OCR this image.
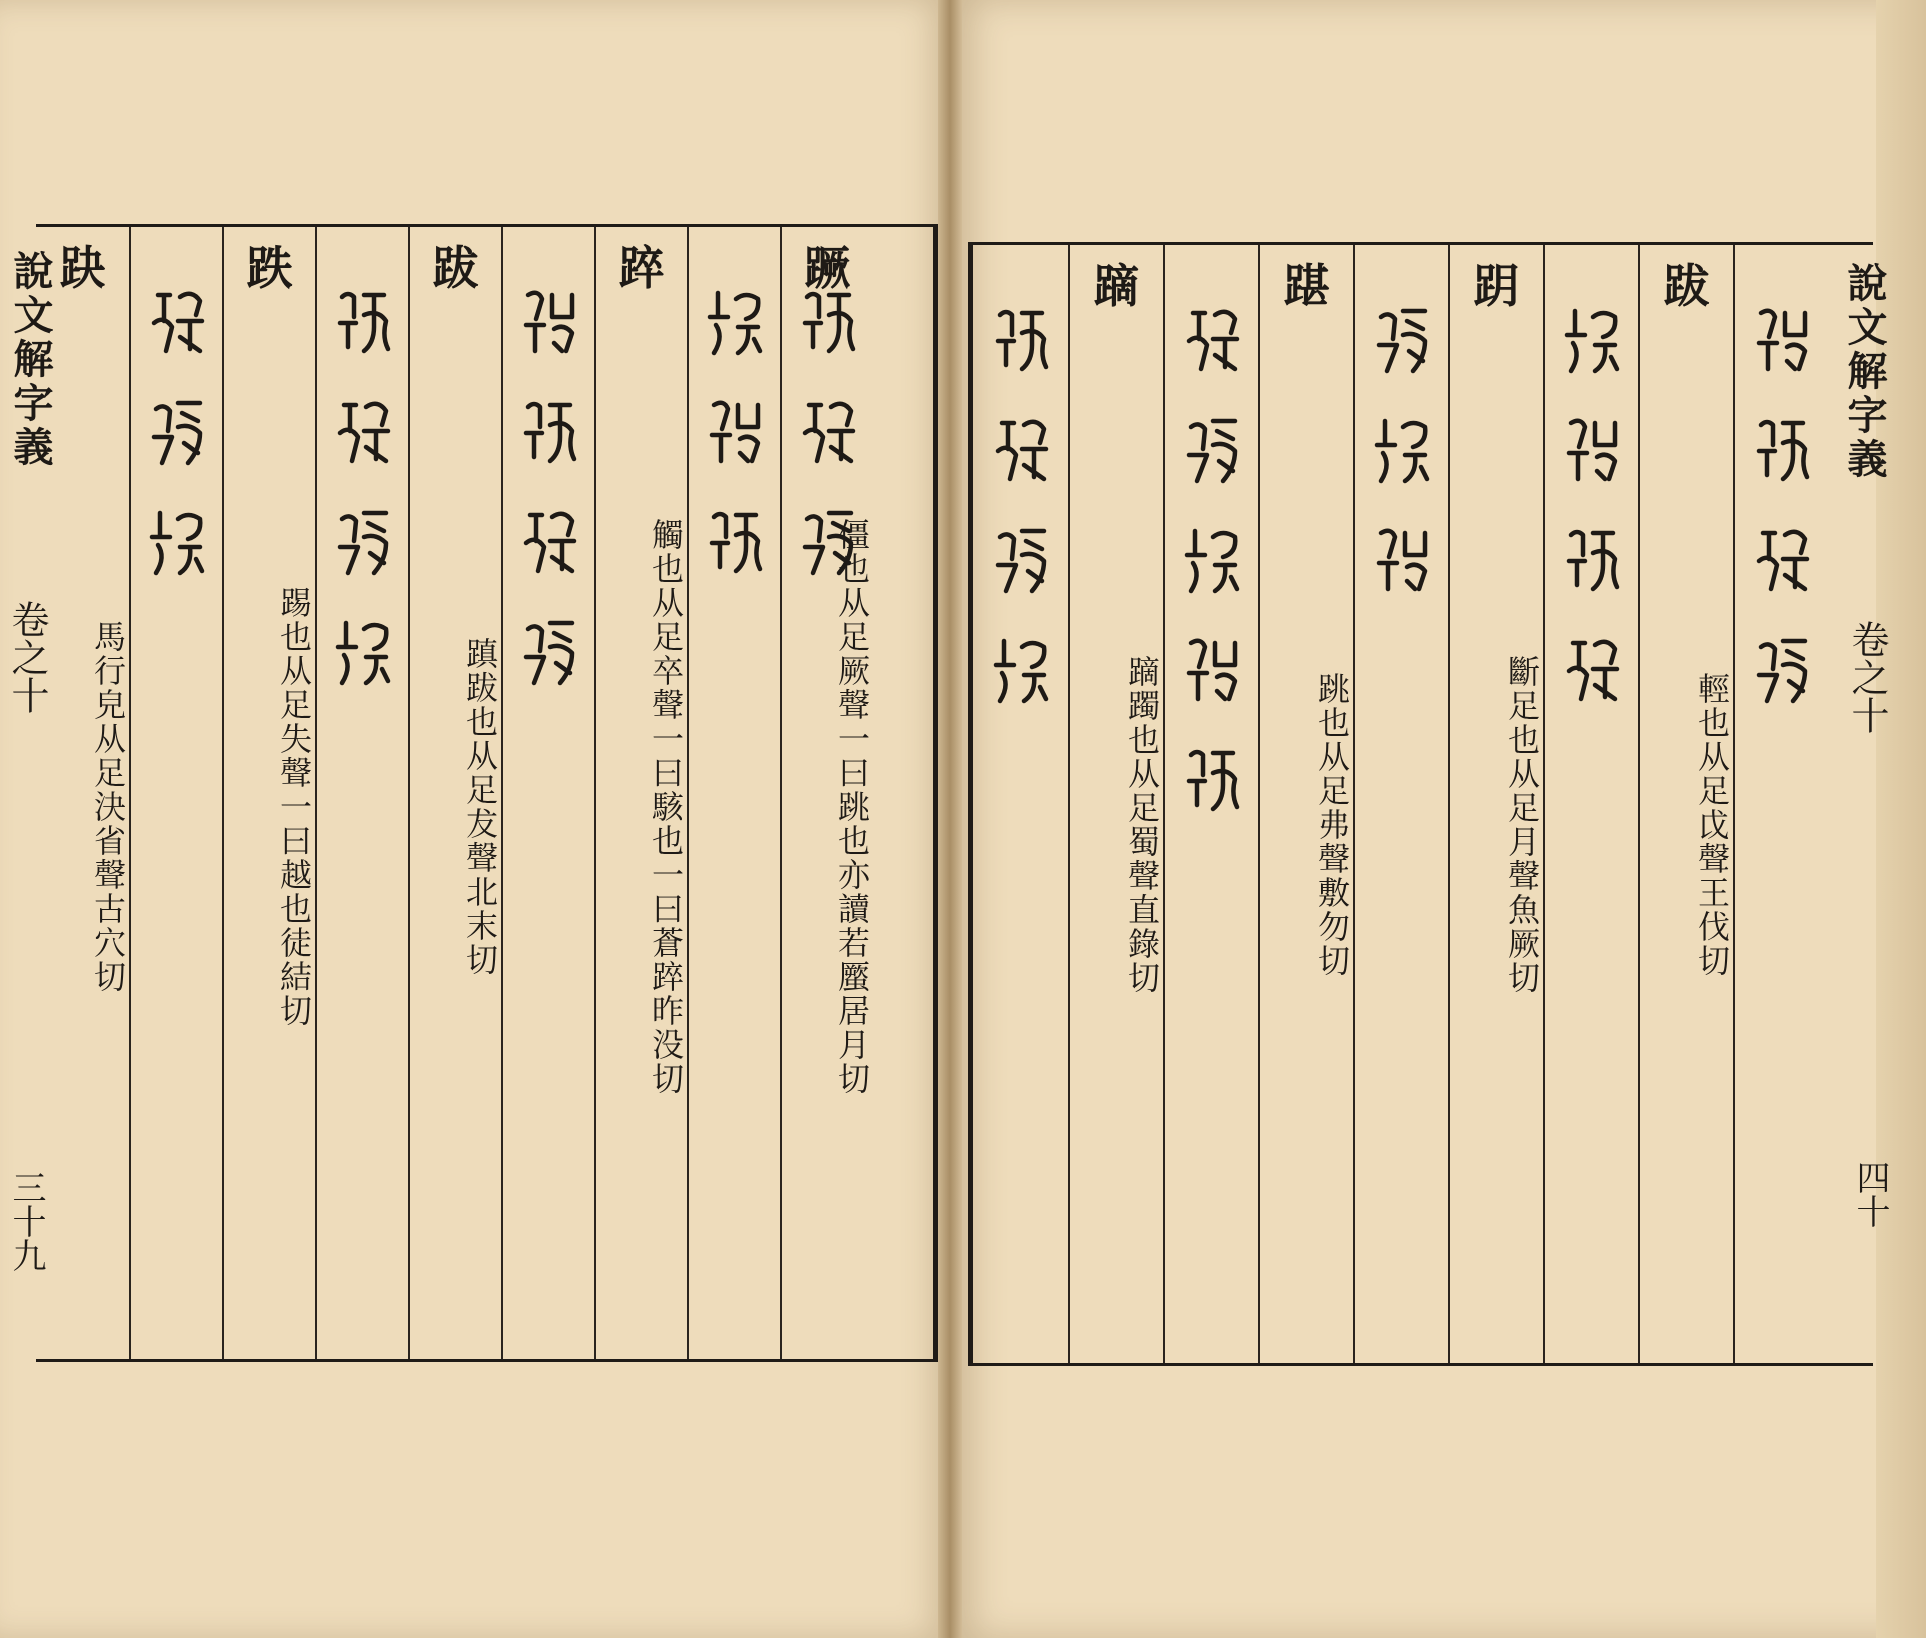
說文解字義
卷之十
三十九
說文解字義
卷之十
四十
蹶
僵也从足厥聲一曰跳也亦讀若蟨居月切
踤
觸也从足卒聲一曰駭也一曰蒼踤昨没切
跋
蹎跋也从足犮聲北末切
跌
踢也从足失聲一曰越也徒結切
趹
馬行皃从足決省聲古穴切
蹢
蹢躅也从足蜀聲直錄切
踸
跳也从足弗聲敷勿切
跀
斷足也从足月聲魚厥切
跋
輕也从足戉聲王伐切
